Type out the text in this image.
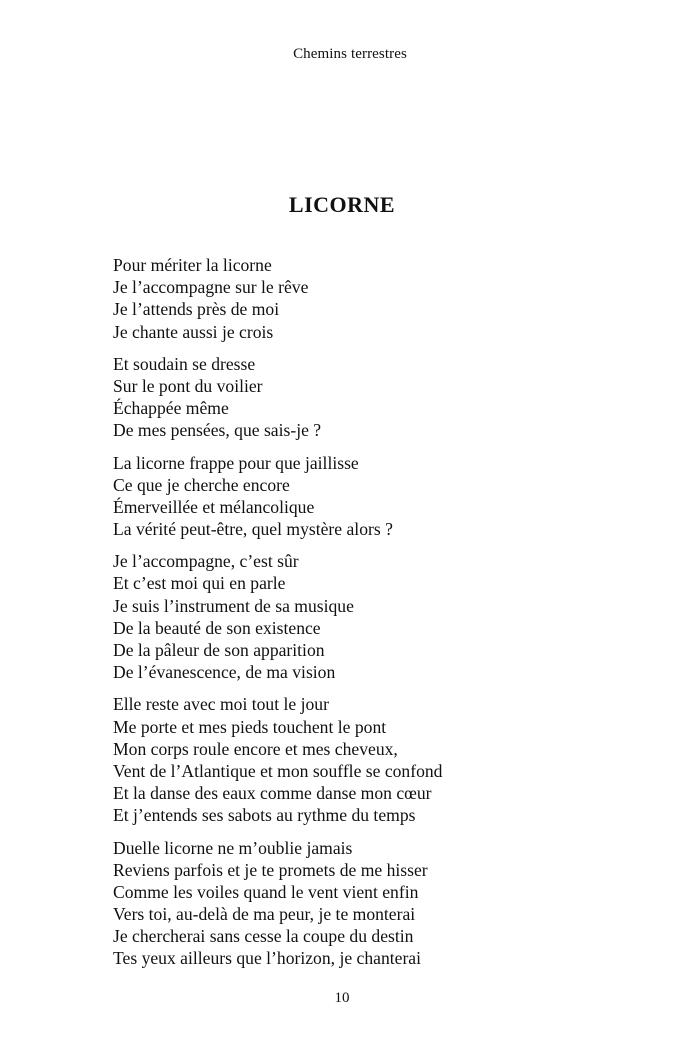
Chemins terrestres
LICORNE
Pour mériter la licorne
Je l’accompagne sur le rêve
Je l’attends près de moi
Je chante aussi je crois
Et soudain se dresse
Sur le pont du voilier
Échappée même
De mes pensées, que sais-je ?
La licorne frappe pour que jaillisse
Ce que je cherche encore
Émerveillée et mélancolique
La vérité peut-être, quel mystère alors ?
Je l’accompagne, c’est sûr
Et c’est moi qui en parle
Je suis l’instrument de sa musique
De la beauté de son existence
De la pâleur de son apparition
De l’évanescence, de ma vision
Elle reste avec moi tout le jour
Me porte et mes pieds touchent le pont
Mon corps roule encore et mes cheveux,
Vent de l’Atlantique et mon souffle se confond
Et la danse des eaux comme danse mon cœur
Et j’entends ses sabots au rythme du temps
Duelle licorne ne m’oublie jamais
Reviens parfois et je te promets de me hisser
Comme les voiles quand le vent vient enfin
Vers toi, au-delà de ma peur, je te monterai
Je chercherai sans cesse la coupe du destin
Tes yeux ailleurs que l’horizon, je chanterai
10
